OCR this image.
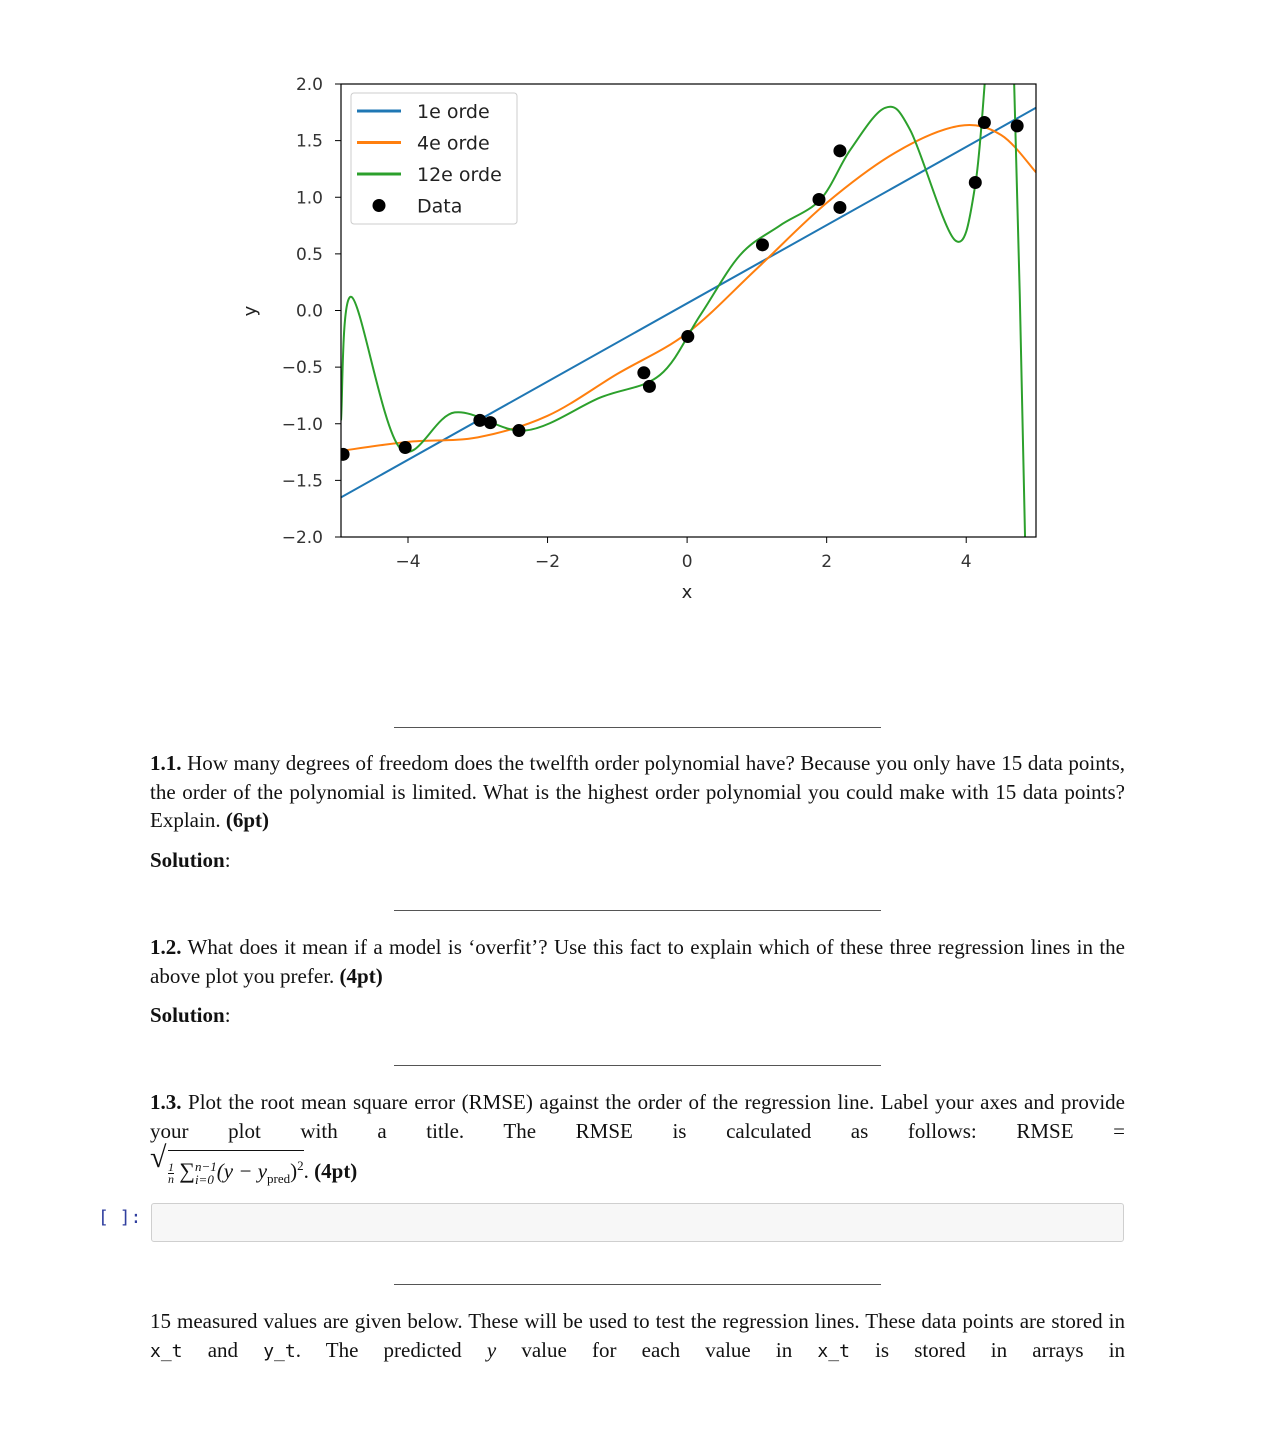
−4	−2	0	2	4
2.0
1.5
1.0
0.5
0.0
−0.5
−1.0
−1.5
−2.0
x
y
1e orde
4e orde
12e orde
Data
1.1. How many degrees of freedom does the twelfth order polynomial have? Because you only have 15 data points, the order of the polynomial is limited. What is the highest order polynomial you could make with 15 data points? Explain. (6pt)
Solution:
1.2. What does it mean if a model is ‘overfit’? Use this fact to explain which of these three regression lines in the above plot you prefer. (4pt)
Solution:
1.3. Plot the root mean square error (RMSE) against the order of the regression line. Label your axes and provide your plot with a title. The RMSE is calculated as follows: RMSE =
√ $\frac{1}{n}$ ∑ n−1
i=0 $(y - y_{pred})^2$. (4pt)
[ ]:
15 measured values are given below. These will be used to test the regression lines. These data points are stored in x_t and y_t. The predicted y value for each value in x_t is stored in arrays in
